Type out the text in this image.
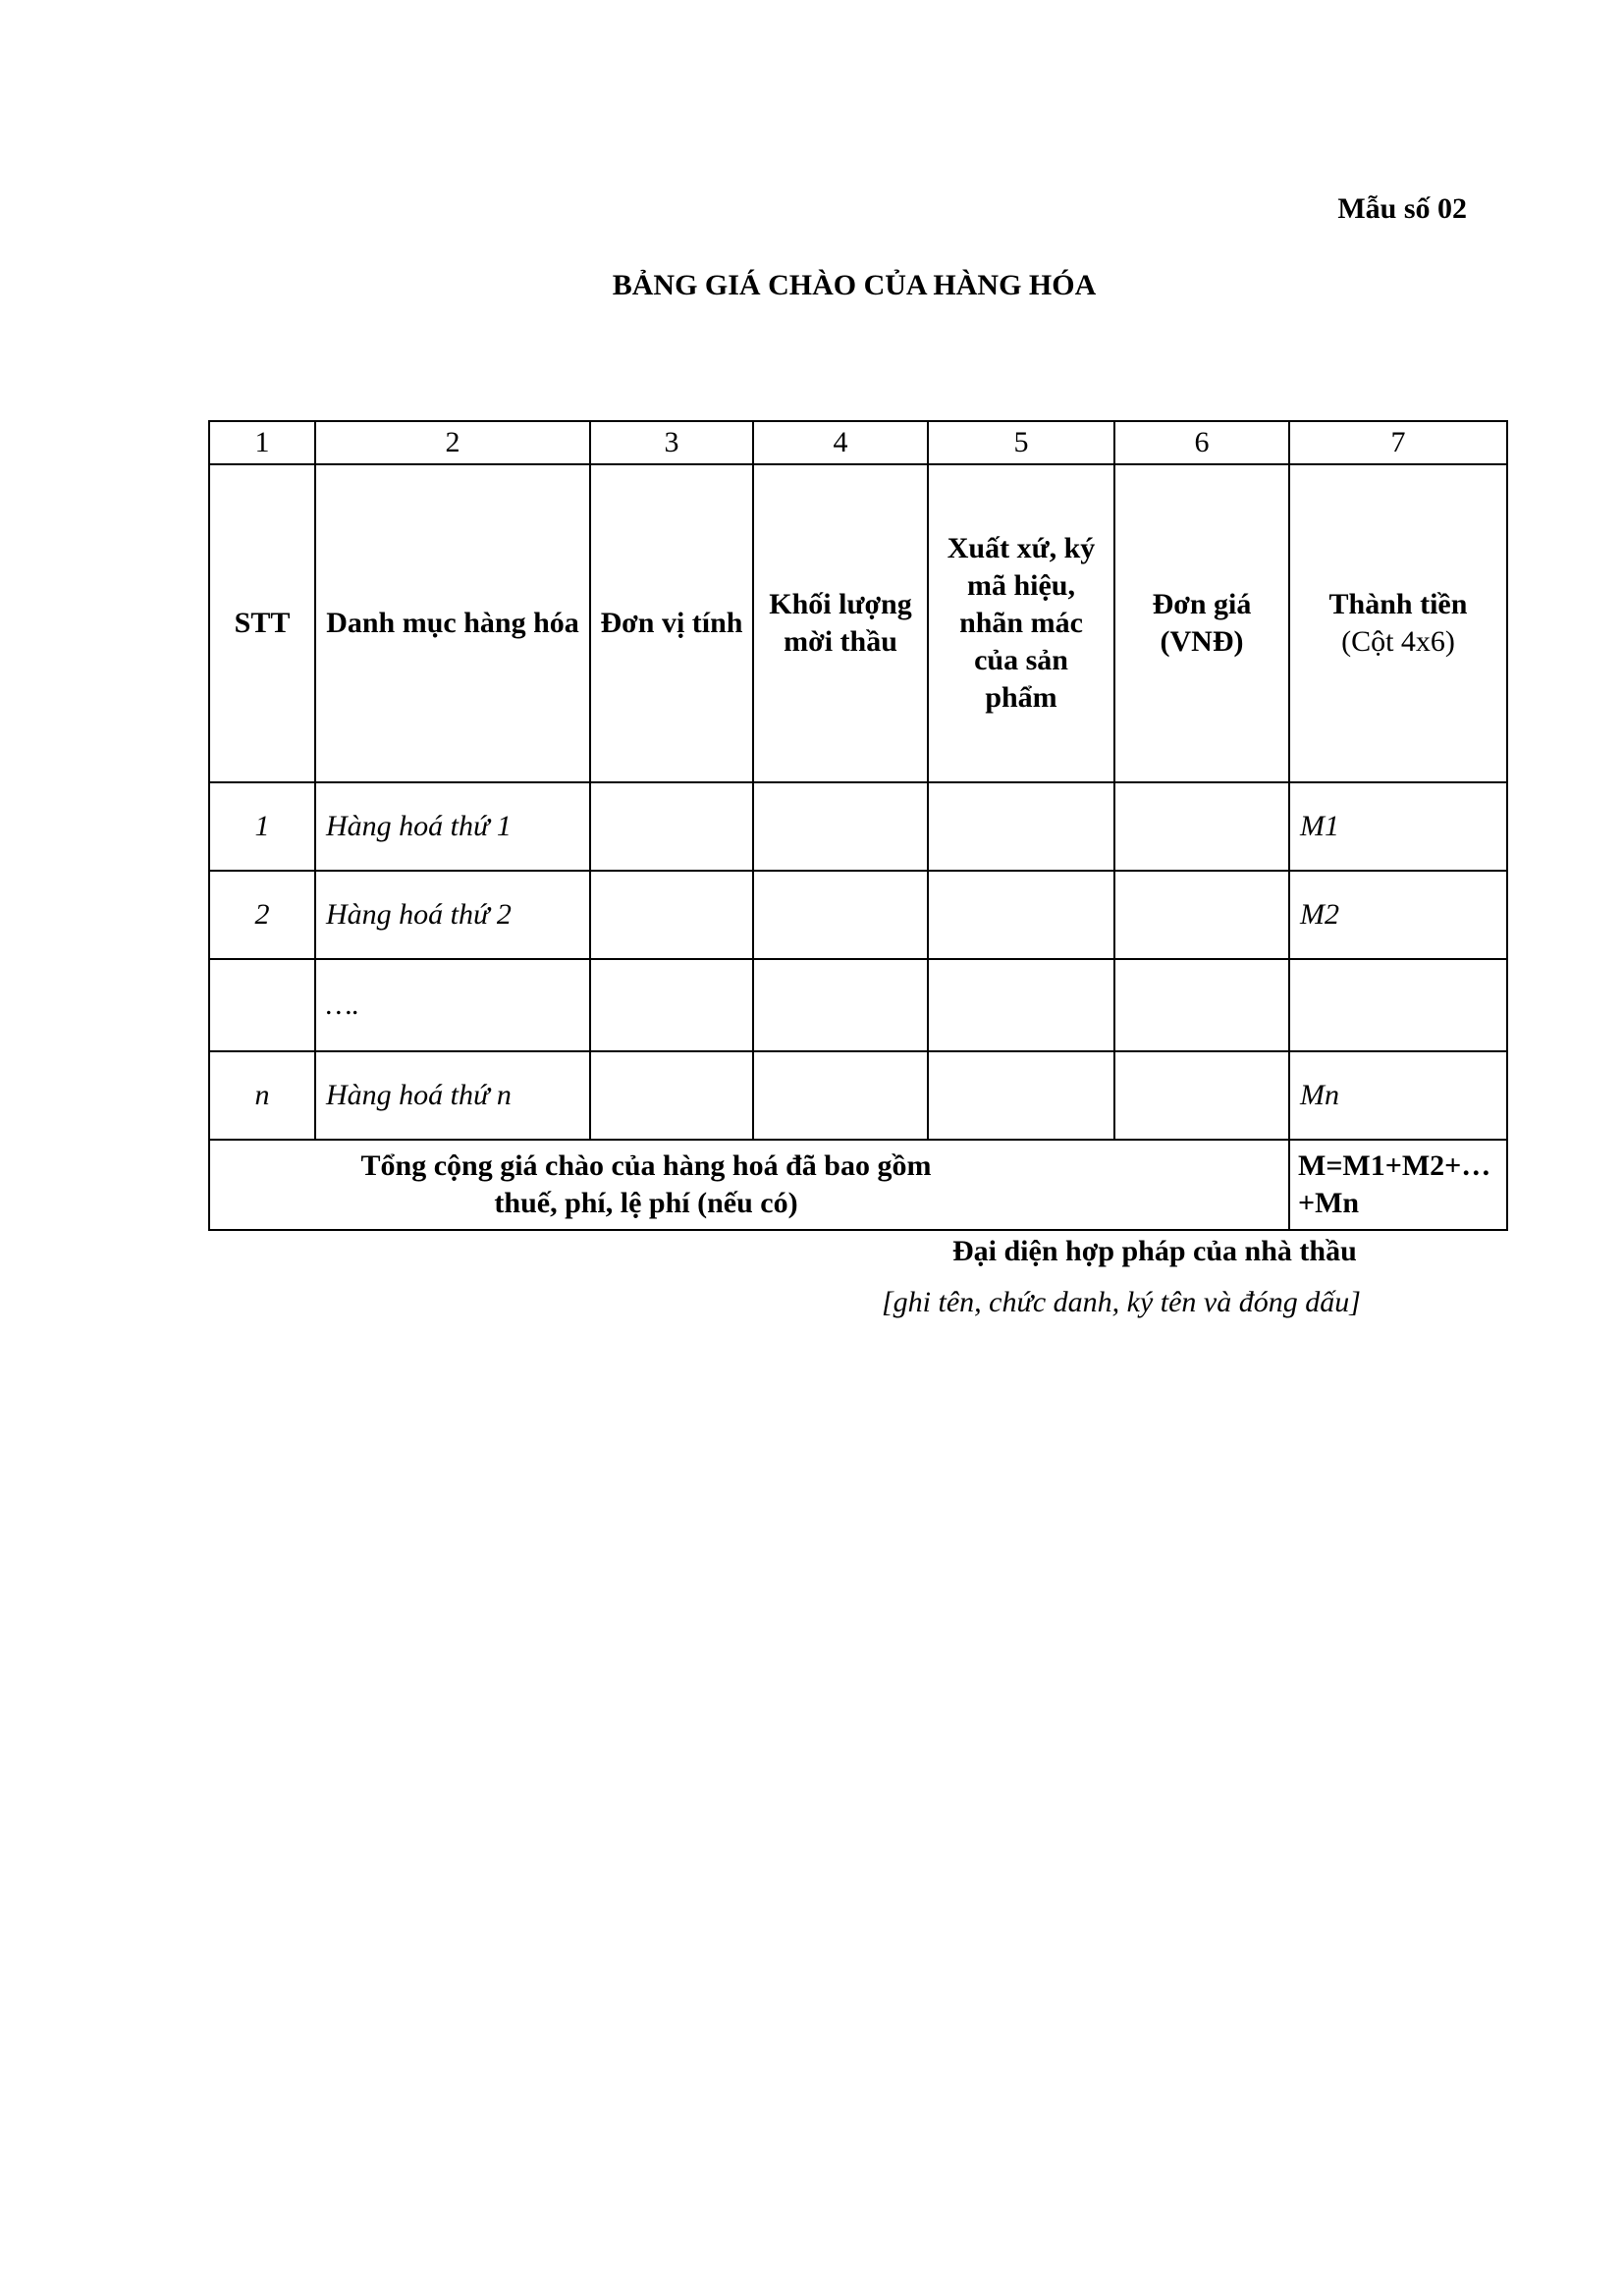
Mẫu số 02
BẢNG GIÁ CHÀO CỦA HÀNG HÓA
1	2	3	4	5	6	7
STT	Danh mục hàng hóa	Đơn vị tính	Khối lượng mời thầu	Xuất xứ, ký mã hiệu, nhãn mác của sản phẩm	Đơn giá (VNĐ)	Thành tiền
(Cột 4x6)

1	Hàng hoá thứ 1					M1
2	Hàng hoá thứ 2					M2
	….					
n	Hàng hoá thứ n					Mn
Tổng cộng giá chào của hàng hoá đã bao gồm thuế, phí, lệ phí (nếu có)						M=M1+M2+…+Mn
Đại diện hợp pháp của nhà thầu
[ghi tên, chức danh, ký tên và đóng dấu]
